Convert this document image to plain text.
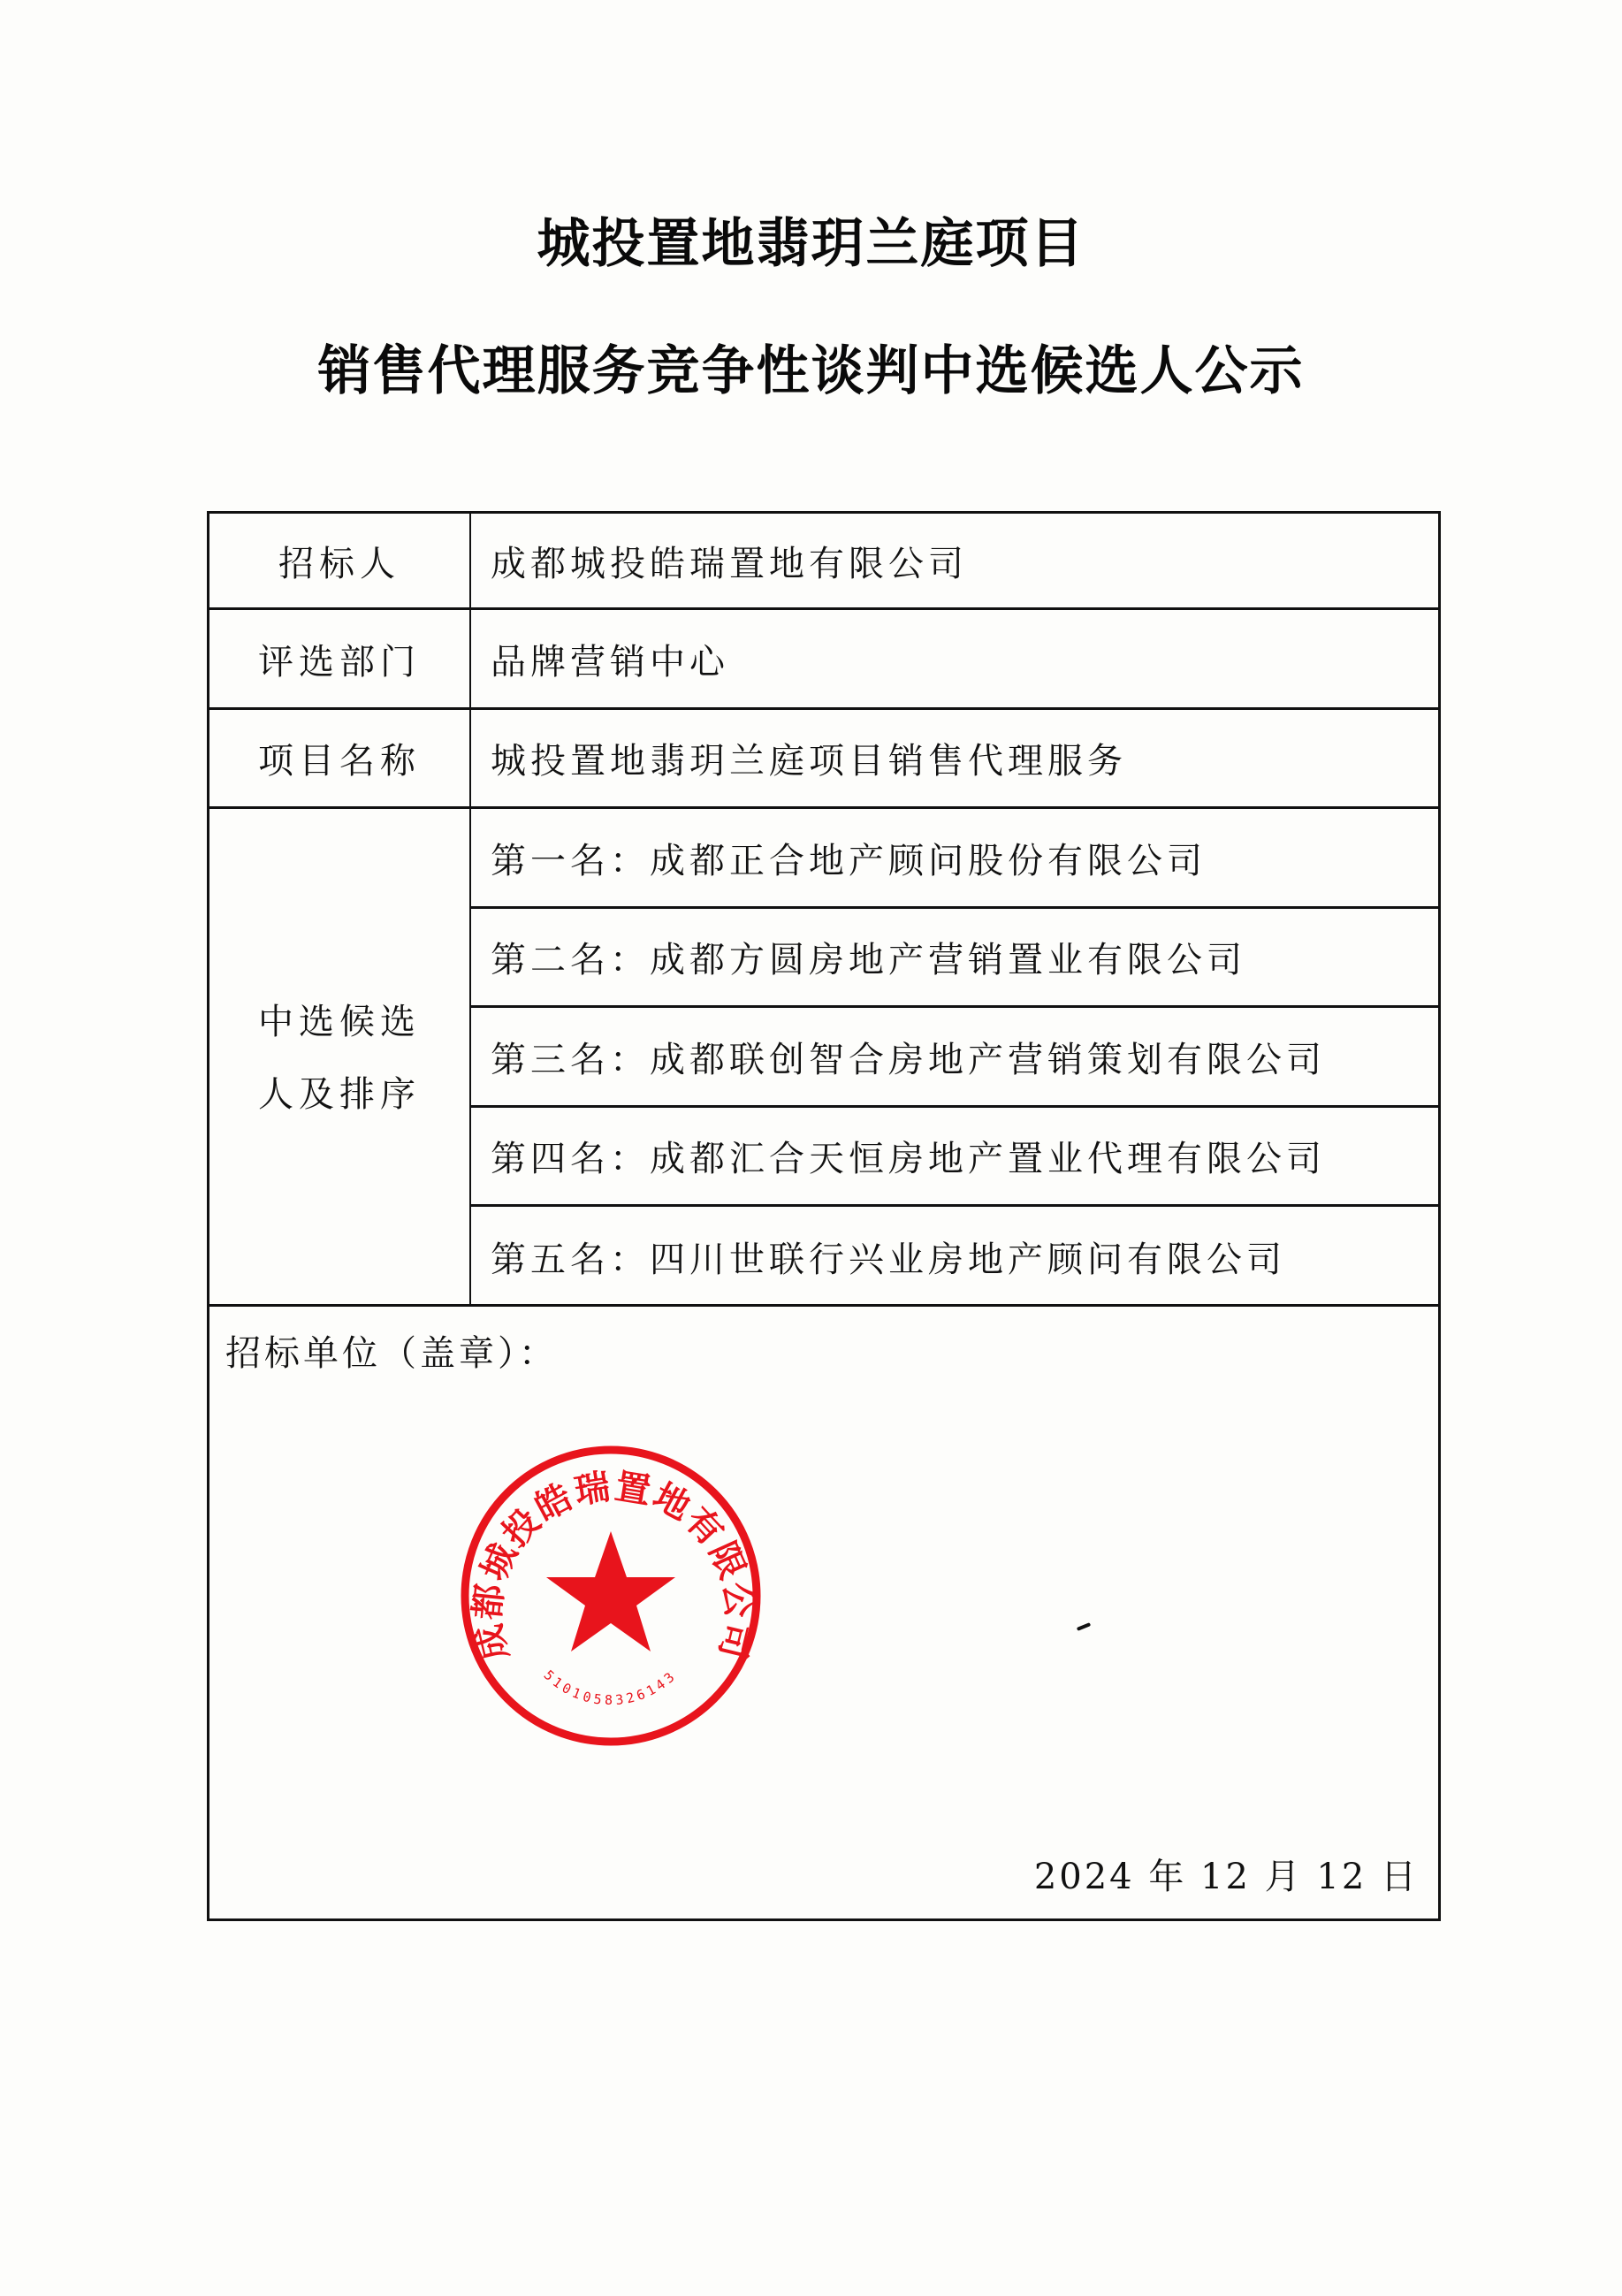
城投置地翡玥兰庭项目
销售代理服务竞争性谈判中选候选人公示
招标人	成都城投皓瑞置地有限公司
评选部门	品牌营销中心
项目名称	城投置地翡玥兰庭项目销售代理服务
中选候选
人及排序
第一名：成都正合地产顾问股份有限公司
第二名：成都方圆房地产营销置业有限公司
第三名：成都联创智合房地产营销策划有限公司
第四名：成都汇合天恒房地产置业代理有限公司
第五名：四川世联行兴业房地产顾问有限公司
招标单位（盖章）：
2024 年 12 月 12 日
成都城投皓瑞置地有限公司
5101058326143
